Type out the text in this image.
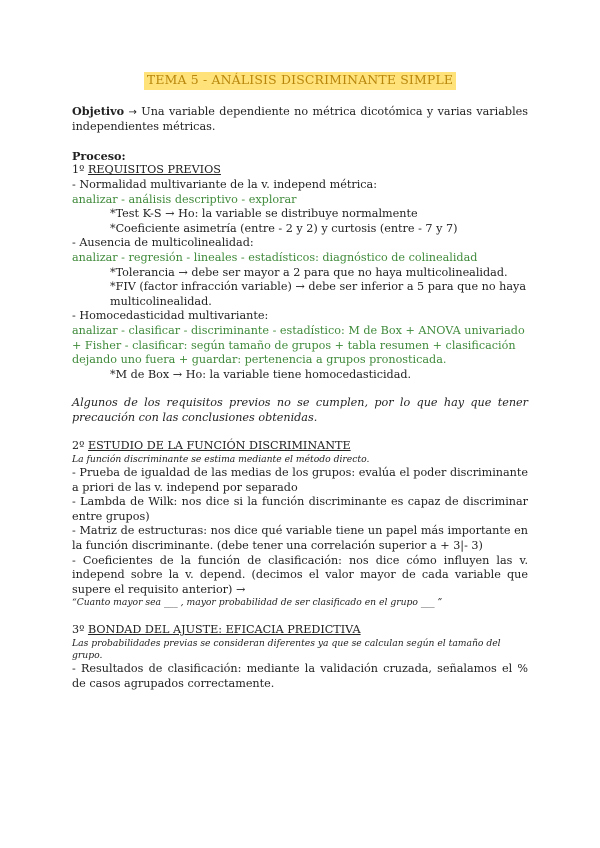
TEMA 5 - ANÁLISIS DISCRIMINANTE SIMPLE

Objetivo → Una variable dependiente no métrica dicotómica y varias variables independientes métricas.

Proceso:

1º REQUISITOS PREVIOS

- Normalidad multivariante de la v. independ métrica:

analizar - análisis descriptivo - explorar

*Test K-S → Ho: la variable se distribuye normalmente

*Coeficiente asimetría (entre - 2 y 2) y curtosis (entre - 7 y 7)

- Ausencia de multicolinealidad:

analizar - regresión - lineales - estadísticos: diagnóstico de colinealidad

*Tolerancia → debe ser mayor a 2 para que no haya multicolinealidad.

*FIV (factor infracción variable) → debe ser inferior a 5 para que no haya multicolinealidad.

- Homocedasticidad multivariante:

analizar - clasificar - discriminante - estadístico: M de Box + ANOVA univariado + Fisher - clasificar: según tamaño de grupos + tabla resumen + clasificación dejando uno fuera + guardar: pertenencia a grupos pronosticada.

*M de Box → Ho: la variable tiene homocedasticidad.

Algunos de los requisitos previos no se cumplen, por lo que hay que tener precaución con las conclusiones obtenidas.

2º ESTUDIO DE LA FUNCIÓN DISCRIMINANTE

La función discriminante se estima mediante el método directo.

- Prueba de igualdad de las medias de los grupos: evalúa el poder discriminante a priori de las v. independ por separado

- Lambda de Wilk: nos dice si la función discriminante es capaz de discriminar entre grupos)

- Matriz de estructuras: nos dice qué variable tiene un papel más importante en la función discriminante. (debe tener una correlación superior a + 3|- 3)

- Coeficientes de la función de clasificación: nos dice cómo influyen las v. independ sobre la v. depend. (decimos el valor mayor de cada variable que supere el requisito anterior) →

“Cuanto mayor sea ___ , mayor probabilidad de ser clasificado en el grupo ___ ”

3º BONDAD DEL AJUSTE: EFICACIA PREDICTIVA

Las probabilidades previas se consideran diferentes ya que se calculan según el tamaño del grupo.

- Resultados de clasificación: mediante la validación cruzada, señalamos el % de casos agrupados correctamente.
